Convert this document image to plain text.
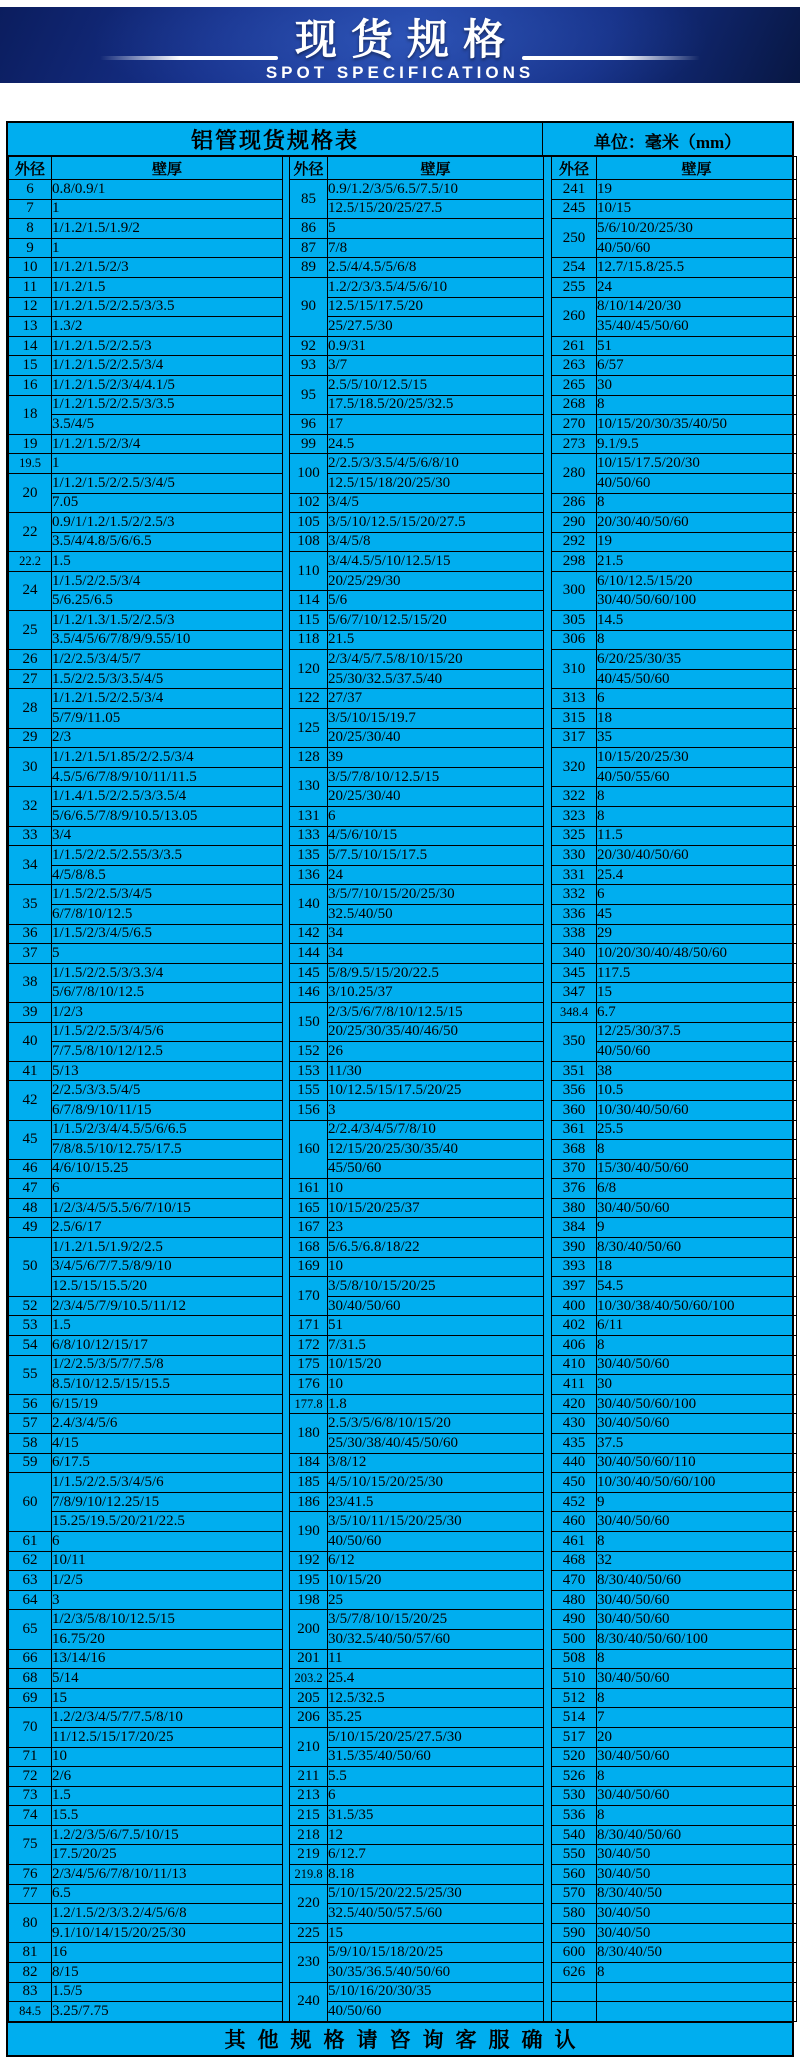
现货规格
SPOT SPECIFICATIONS
铝管现货规格表	单位：毫米（mm）
外径	壁厚		外径	壁厚		外径	壁厚
6	0.8/0.9/1		85	0.9/1.2/3/5/6.5/7.5/10		241	19
7	1			12.5/15/20/25/27.5		245	10/15
8	1/1.2/1.5/1.9/2		86	5		250	5/6/10/20/25/30
9	1		87	7/8			40/50/60
10	1/1.2/1.5/2/3		89	2.5/4/4.5/5/6/8		254	12.7/15.8/25.5
11	1/1.2/1.5		90	1.2/2/3/3.5/4/5/6/10		255	24
12	1/1.2/1.5/2/2.5/3/3.5			12.5/15/17.5/20		260	8/10/14/20/30
13	1.3/2			25/27.5/30			35/40/45/50/60
14	1/1.2/1.5/2/2.5/3		92	0.9/31		261	51
15	1/1.2/1.5/2/2.5/3/4		93	3/7		263	6/57
16	1/1.2/1.5/2/3/4/4.1/5		95	2.5/5/10/12.5/15		265	30
18	1/1.2/1.5/2/2.5/3/3.5			17.5/18.5/20/25/32.5		268	8
	3.5/4/5		96	17		270	10/15/20/30/35/40/50
19	1/1.2/1.5/2/3/4		99	24.5		273	9.1/9.5
19.5	1		100	2/2.5/3/3.5/4/5/6/8/10		280	10/15/17.5/20/30
20	1/1.2/1.5/2/2.5/3/4/5			12.5/15/18/20/25/30			40/50/60
	7.05		102	3/4/5		286	8
22	0.9/1/1.2/1.5/2/2.5/3		105	3/5/10/12.5/15/20/27.5		290	20/30/40/50/60
	3.5/4/4.8/5/6/6.5		108	3/4/5/8		292	19
22.2	1.5		110	3/4/4.5/5/10/12.5/15		298	21.5
24	1/1.5/2/2.5/3/4			20/25/29/30		300	6/10/12.5/15/20
	5/6.25/6.5		114	5/6			30/40/50/60/100
25	1/1.2/1.3/1.5/2/2.5/3		115	5/6/7/10/12.5/15/20		305	14.5
	3.5/4/5/6/7/8/9/9.55/10		118	21.5		306	8
26	1/2/2.5/3/4/5/7		120	2/3/4/5/7.5/8/10/15/20		310	6/20/25/30/35
27	1.5/2/2.5/3/3.5/4/5			25/30/32.5/37.5/40			40/45/50/60
28	1/1.2/1.5/2/2.5/3/4		122	27/37		313	6
	5/7/9/11.05		125	3/5/10/15/19.7		315	18
29	2/3			20/25/30/40		317	35
30	1/1.2/1.5/1.85/2/2.5/3/4		128	39		320	10/15/20/25/30
	4.5/5/6/7/8/9/10/11/11.5		130	3/5/7/8/10/12.5/15			40/50/55/60
32	1/1.4/1.5/2/2.5/3/3.5/4			20/25/30/40		322	8
	5/6/6.5/7/8/9/10.5/13.05		131	6		323	8
33	3/4		133	4/5/6/10/15		325	11.5
34	1/1.5/2/2.5/2.55/3/3.5		135	5/7.5/10/15/17.5		330	20/30/40/50/60
	4/5/8/8.5		136	24		331	25.4
35	1/1.5/2/2.5/3/4/5		140	3/5/7/10/15/20/25/30		332	6
	6/7/8/10/12.5			32.5/40/50		336	45
36	1/1.5/2/3/4/5/6.5		142	34		338	29
37	5		144	34		340	10/20/30/40/48/50/60
38	1/1.5/2/2.5/3/3.3/4		145	5/8/9.5/15/20/22.5		345	117.5
	5/6/7/8/10/12.5		146	3/10.25/37		347	15
39	1/2/3		150	2/3/5/6/7/8/10/12.5/15		348.4	6.7
40	1/1.5/2/2.5/3/4/5/6			20/25/30/35/40/46/50		350	12/25/30/37.5
	7/7.5/8/10/12/12.5		152	26			40/50/60
41	5/13		153	11/30		351	38
42	2/2.5/3/3.5/4/5		155	10/12.5/15/17.5/20/25		356	10.5
	6/7/8/9/10/11/15		156	3		360	10/30/40/50/60
45	1/1.5/2/3/4/4.5/5/6/6.5		160	2/2.4/3/4/5/7/8/10		361	25.5
	7/8/8.5/10/12.75/17.5			12/15/20/25/30/35/40		368	8
46	4/6/10/15.25			45/50/60		370	15/30/40/50/60
47	6		161	10		376	6/8
48	1/2/3/4/5/5.5/6/7/10/15		165	10/15/20/25/37		380	30/40/50/60
49	2.5/6/17		167	23		384	9
50	1/1.2/1.5/1.9/2/2.5		168	5/6.5/6.8/18/22		390	8/30/40/50/60
	3/4/5/6/7/7.5/8/9/10		169	10		393	18
	12.5/15/15.5/20		170	3/5/8/10/15/20/25		397	54.5
52	2/3/4/5/7/9/10.5/11/12			30/40/50/60		400	10/30/38/40/50/60/100
53	1.5		171	51		402	6/11
54	6/8/10/12/15/17		172	7/31.5		406	8
55	1/2/2.5/3/5/7/7.5/8		175	10/15/20		410	30/40/50/60
	8.5/10/12.5/15/15.5		176	10		411	30
56	6/15/19		177.8	1.8		420	30/40/50/60/100
57	2.4/3/4/5/6		180	2.5/3/5/6/8/10/15/20		430	30/40/50/60
58	4/15			25/30/38/40/45/50/60		435	37.5
59	6/17.5		184	3/8/12		440	30/40/50/60/110
60	1/1.5/2/2.5/3/4/5/6		185	4/5/10/15/20/25/30		450	10/30/40/50/60/100
	7/8/9/10/12.25/15		186	23/41.5		452	9
	15.25/19.5/20/21/22.5		190	3/5/10/11/15/20/25/30		460	30/40/50/60
61	6			40/50/60		461	8
62	10/11		192	6/12		468	32
63	1/2/5		195	10/15/20		470	8/30/40/50/60
64	3		198	25		480	30/40/50/60
65	1/2/3/5/8/10/12.5/15		200	3/5/7/8/10/15/20/25		490	30/40/50/60
	16.75/20			30/32.5/40/50/57/60		500	8/30/40/50/60/100
66	13/14/16		201	11		508	8
68	5/14		203.2	25.4		510	30/40/50/60
69	15		205	12.5/32.5		512	8
70	1.2/2/3/4/5/7/7.5/8/10		206	35.25		514	7
	11/12.5/15/17/20/25		210	5/10/15/20/25/27.5/30		517	20
71	10			31.5/35/40/50/60		520	30/40/50/60
72	2/6		211	5.5		526	8
73	1.5		213	6		530	30/40/50/60
74	15.5		215	31.5/35		536	8
75	1.2/2/3/5/6/7.5/10/15		218	12		540	8/30/40/50/60
	17.5/20/25		219	6/12.7		550	30/40/50
76	2/3/4/5/6/7/8/10/11/13		219.8	8.18		560	30/40/50
77	6.5		220	5/10/15/20/22.5/25/30		570	8/30/40/50
80	1.2/1.5/2/3/3.2/4/5/6/8			32.5/40/50/57.5/60		580	30/40/50
	9.1/10/14/15/20/25/30		225	15		590	30/40/50
81	16		230	5/9/10/15/18/20/25		600	8/30/40/50
82	8/15			30/35/36.5/40/50/60		626	8
83	1.5/5		240	5/10/16/20/30/35			
84.5	3.25/7.75			40/50/60			
其他规格请咨询客服确认
